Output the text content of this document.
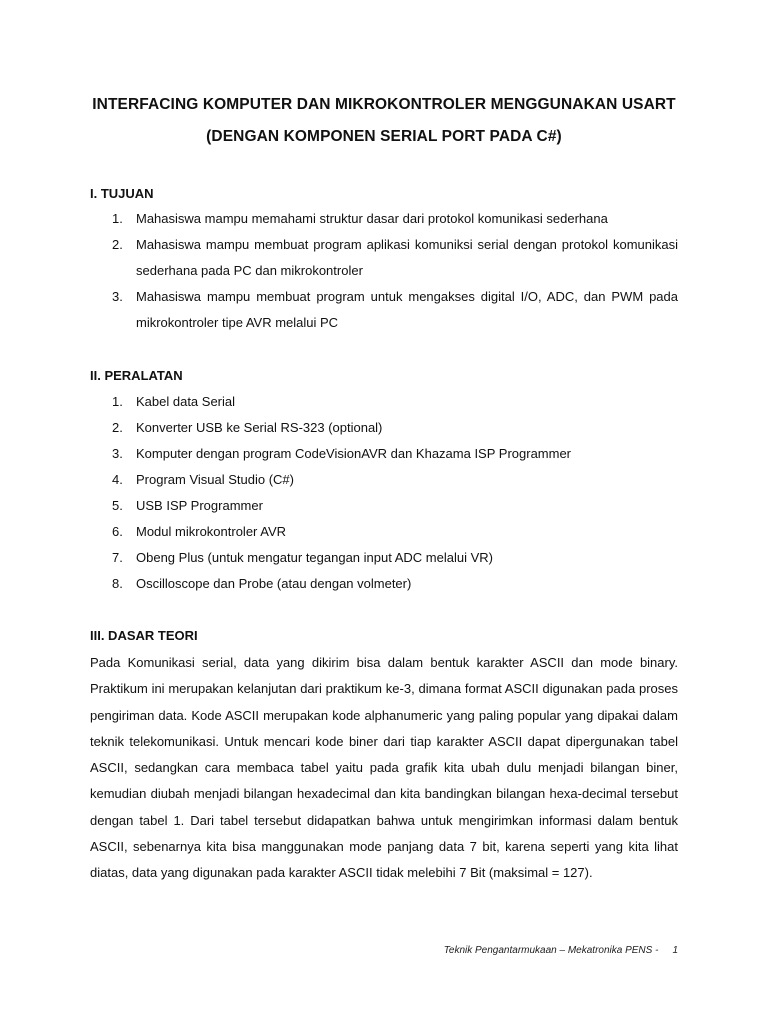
INTERFACING KOMPUTER DAN MIKROKONTROLER MENGGUNAKAN USART
(DENGAN KOMPONEN SERIAL PORT PADA C#)
I. TUJUAN
1. Mahasiswa mampu memahami struktur dasar dari protokol komunikasi sederhana
2. Mahasiswa mampu membuat program aplikasi komuniksi serial dengan protokol komunikasi sederhana pada PC dan mikrokontroler
3. Mahasiswa mampu membuat program untuk mengakses digital I/O, ADC, dan PWM pada mikrokontroler tipe AVR melalui PC
II. PERALATAN
1. Kabel data Serial
2. Konverter USB ke Serial RS-323 (optional)
3. Komputer dengan program CodeVisionAVR dan Khazama ISP Programmer
4. Program Visual Studio (C#)
5. USB ISP Programmer
6. Modul mikrokontroler AVR
7. Obeng Plus (untuk mengatur tegangan input ADC melalui VR)
8. Oscilloscope dan Probe (atau dengan volmeter)
III. DASAR TEORI

Pada Komunikasi serial, data yang dikirim bisa dalam bentuk karakter ASCII dan mode binary. Praktikum ini merupakan kelanjutan dari praktikum ke-3, dimana format ASCII digunakan pada proses pengiriman data. Kode ASCII merupakan kode alphanumeric yang paling popular yang dipakai dalam teknik telekomunikasi. Untuk mencari kode biner dari tiap karakter ASCII dapat dipergunakan tabel ASCII, sedangkan cara membaca tabel yaitu pada grafik kita ubah dulu menjadi bilangan biner, kemudian diubah menjadi bilangan hexadecimal dan kita bandingkan bilangan hexa-decimal tersebut dengan tabel 1. Dari tabel tersebut didapatkan bahwa untuk mengirimkan informasi dalam bentuk ASCII, sebenarnya kita bisa manggunakan mode panjang data 7 bit, karena seperti yang kita lihat diatas, data yang digunakan pada karakter ASCII tidak melebihi 7 Bit (maksimal = 127).

Teknik Pengantarmukaan – Mekatronika PENS - 1
